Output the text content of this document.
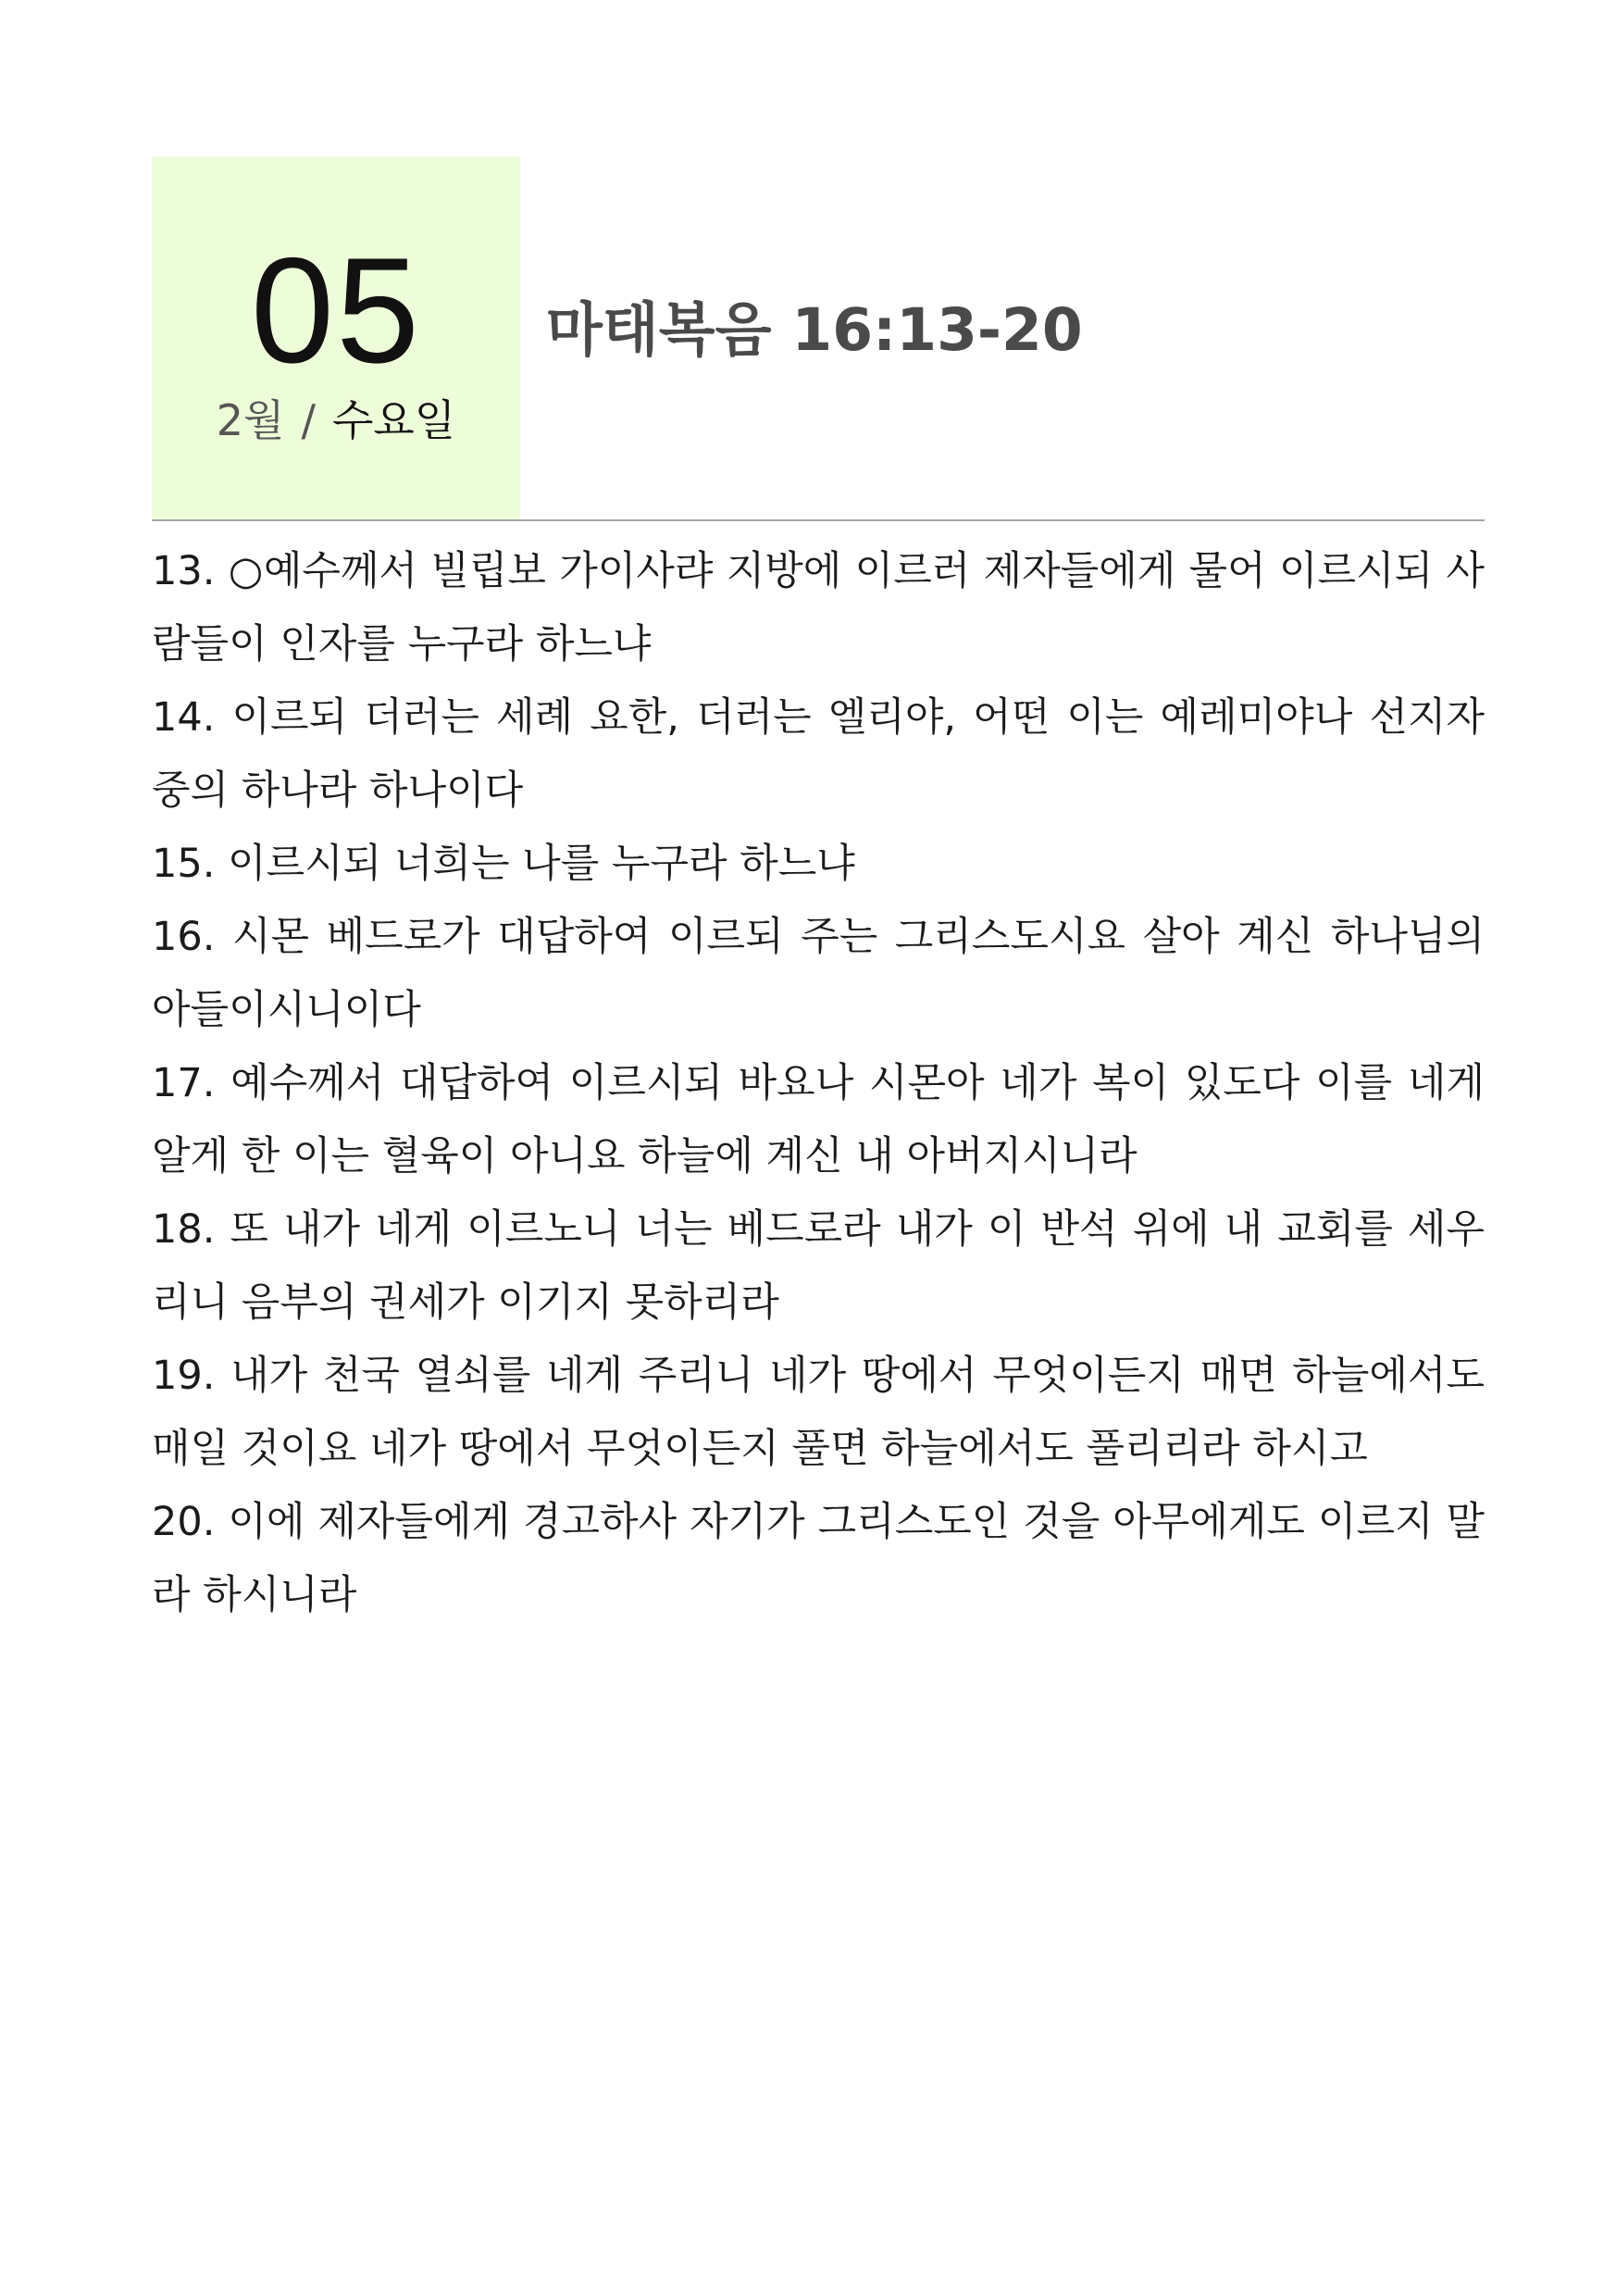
05
2월 / 수요일
마태복음 16:13-20

13. ○예수께서 빌립보 가이사랴 지방에 이르러 제자들에게 물어 이르시되 사람들이 인자를 누구라 하느냐

14. 이르되 더러는 세례 요한, 더러는 엘리야, 어떤 이는 예레미야나 선지자 중의 하나라 하나이다

15. 이르시되 너희는 나를 누구라 하느냐

16. 시몬 베드로가 대답하여 이르되 주는 그리스도시요 살아 계신 하나님의 아들이시니이다

17. 예수께서 대답하여 이르시되 바요나 시몬아 네가 복이 있도다 이를 네게 알게 한 이는 혈육이 아니요 하늘에 계신 내 아버지시니라

18. 또 내가 네게 이르노니 너는 베드로라 내가 이 반석 위에 내 교회를 세우리니 음부의 권세가 이기지 못하리라

19. 내가 천국 열쇠를 네게 주리니 네가 땅에서 무엇이든지 매면 하늘에서도 매일 것이요 네가 땅에서 무엇이든지 풀면 하늘에서도 풀리리라 하시고

20. 이에 제자들에게 경고하사 자기가 그리스도인 것을 아무에게도 이르지 말라 하시니라
